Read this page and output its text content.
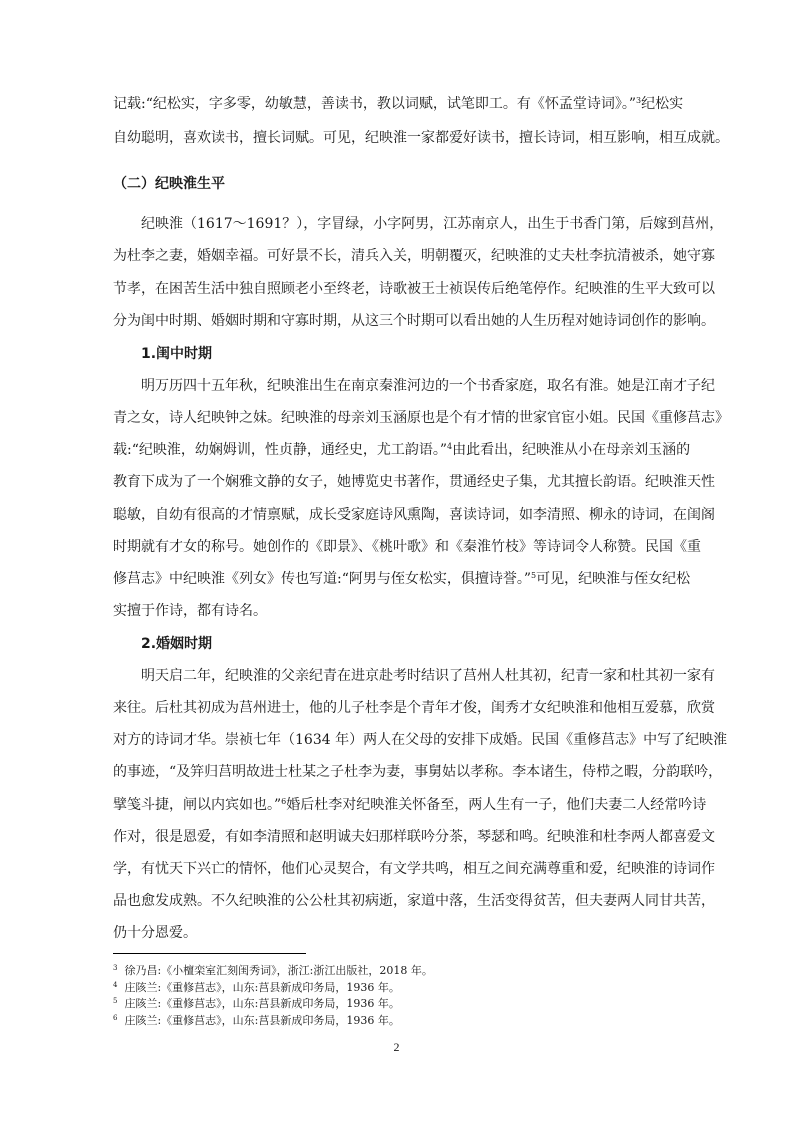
记载:“纪松实，字多零，幼敏慧，善读书，教以词赋，试笔即工。有《怀孟堂诗词》。”$^3$纪松实
自幼聪明，喜欢读书，擅长词赋。可见，纪映淮一家都爱好读书，擅长诗词，相互影响，相互成就。
（二）纪映淮生平
纪映淮（1617～1691？），字冒绿，小字阿男，江苏南京人，出生于书香门第，后嫁到莒州，
为杜李之妻，婚姻幸福。可好景不长，清兵入关，明朝覆灭，纪映淮的丈夫杜李抗清被杀，她守寡
节孝，在困苦生活中独自照顾老小至终老，诗歌被王士祯误传后绝笔停作。纪映淮的生平大致可以
分为闺中时期、婚姻时期和守寡时期，从这三个时期可以看出她的人生历程对她诗词创作的影响。
1.闺中时期
明万历四十五年秋，纪映淮出生在南京秦淮河边的一个书香家庭，取名有淮。她是江南才子纪
青之女，诗人纪映钟之妹。纪映淮的母亲刘玉涵原也是个有才情的世家官宦小姐。民国《重修莒志》
载:“纪映淮，幼娴姆训，性贞静，通经史，尤工韵语。”$^4$由此看出，纪映淮从小在母亲刘玉涵的
教育下成为了一个娴雅文静的女子，她博览史书著作，贯通经史子集，尤其擅长韵语。纪映淮天性
聪敏，自幼有很高的才情禀赋，成长受家庭诗风熏陶，喜读诗词，如李清照、柳永的诗词，在闺阁
时期就有才女的称号。她创作的《即景》、《桃叶歌》和《秦淮竹枝》等诗词令人称赞。民国《重
修莒志》中纪映淮《列女》传也写道:“阿男与侄女松实，俱擅诗誉。”$^5$可见，纪映淮与侄女纪松
实擅于作诗，都有诗名。
2.婚姻时期
明天启二年，纪映淮的父亲纪青在进京赴考时结识了莒州人杜其初，纪青一家和杜其初一家有
来往。后杜其初成为莒州进士，他的儿子杜李是个青年才俊，闺秀才女纪映淮和他相互爱慕，欣赏
对方的诗词才华。崇祯七年（1634 年）两人在父母的安排下成婚。民国《重修莒志》中写了纪映淮
的事迹，“及笄归莒明故进士杜某之子杜李为妻，事舅姑以孝称。李本诸生，侍栉之暇，分韵联吟，
擘笺斗捷，闸以内宾如也。”$^6$婚后杜李对纪映淮关怀备至，两人生有一子，他们夫妻二人经常吟诗
作对，很是恩爱，有如李清照和赵明诚夫妇那样联吟分茶，琴瑟和鸣。纪映淮和杜李两人都喜爱文
学，有忧天下兴亡的情怀，他们心灵契合，有文学共鸣，相互之间充满尊重和爱，纪映淮的诗词作
品也愈发成熟。不久纪映淮的公公杜其初病逝，家道中落，生活变得贫苦，但夫妻两人同甘共苦，
仍十分恩爱。
$^3$ 徐乃昌:《小檀栾室汇刻闺秀词》，浙江:浙江出版社，2018 年。
$^4$ 庄陔兰:《重修莒志》，山东:莒县新成印务局，1936 年。
$^5$ 庄陔兰:《重修莒志》，山东:莒县新成印务局，1936 年。
$^6$ 庄陔兰:《重修莒志》，山东:莒县新成印务局，1936 年。
2
